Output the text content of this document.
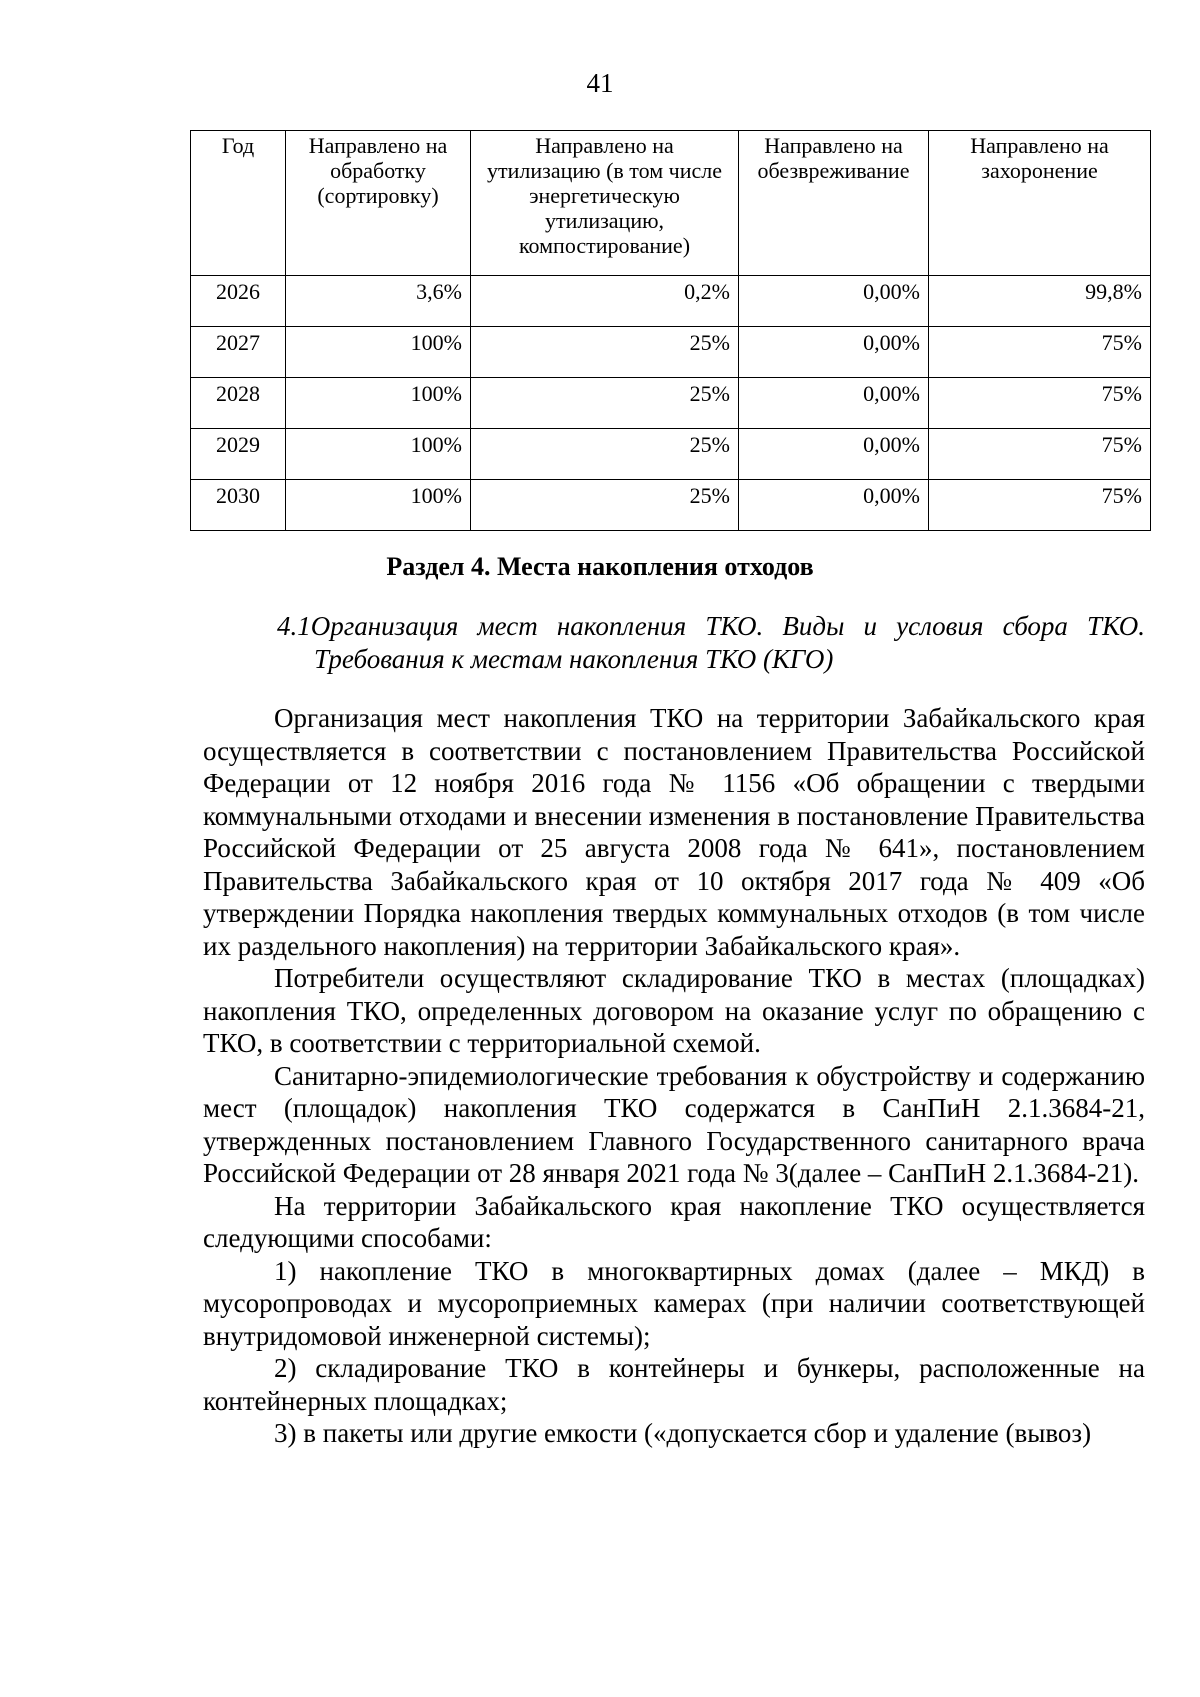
41
Год	Направлено на обработку (сортировку)	Направлено на утилизацию (в том числе энергетическую утилизацию, компостирование)	Направлено на обезвреживание	Направлено на захоронение
2026	3,6%	0,2%	0,00%	99,8%
2027	100%	25%	0,00%	75%
2028	100%	25%	0,00%	75%
2029	100%	25%	0,00%	75%
2030	100%	25%	0,00%	75%
Раздел 4. Места накопления отходов
4.1Организация мест накопления ТКО. Виды и условия сбора ТКО.
Требования к местам накопления ТКО (КГО)

Организация мест накопления ТКО на территории Забайкальского края осуществляется в соответствии с постановлением Правительства Российской Федерации от 12 ноября 2016 года № 1156 «Об обращении с твердыми коммунальными отходами и внесении изменения в постановление Правительства Российской Федерации от 25 августа 2008 года № 641», постановлением Правительства Забайкальского края от 10 октября 2017 года № 409 «Об утверждении Порядка накопления твердых коммунальных отходов (в том числе их раздельного накопления) на территории Забайкальского края».

Потребители осуществляют складирование ТКО в местах (площадках) накопления ТКО, определенных договором на оказание услуг по обращению с ТКО, в соответствии с территориальной схемой.

Санитарно-эпидемиологические требования к обустройству и содержанию мест (площадок) накопления ТКО содержатся в СанПиН 2.1.3684-21, утвержденных постановлением Главного Государственного санитарного врача Российской Федерации от 28 января 2021 года № 3(далее – СанПиН 2.1.3684-21).

На территории Забайкальского края накопление ТКО осуществляется следующими способами:

1) накопление ТКО в многоквартирных домах (далее – МКД) в мусоропроводах и мусороприемных камерах (при наличии соответствующей внутридомовой инженерной системы);

2) складирование ТКО в контейнеры и бункеры, расположенные на контейнерных площадках;

3) в пакеты или другие емкости («допускается сбор и удаление (вывоз)
